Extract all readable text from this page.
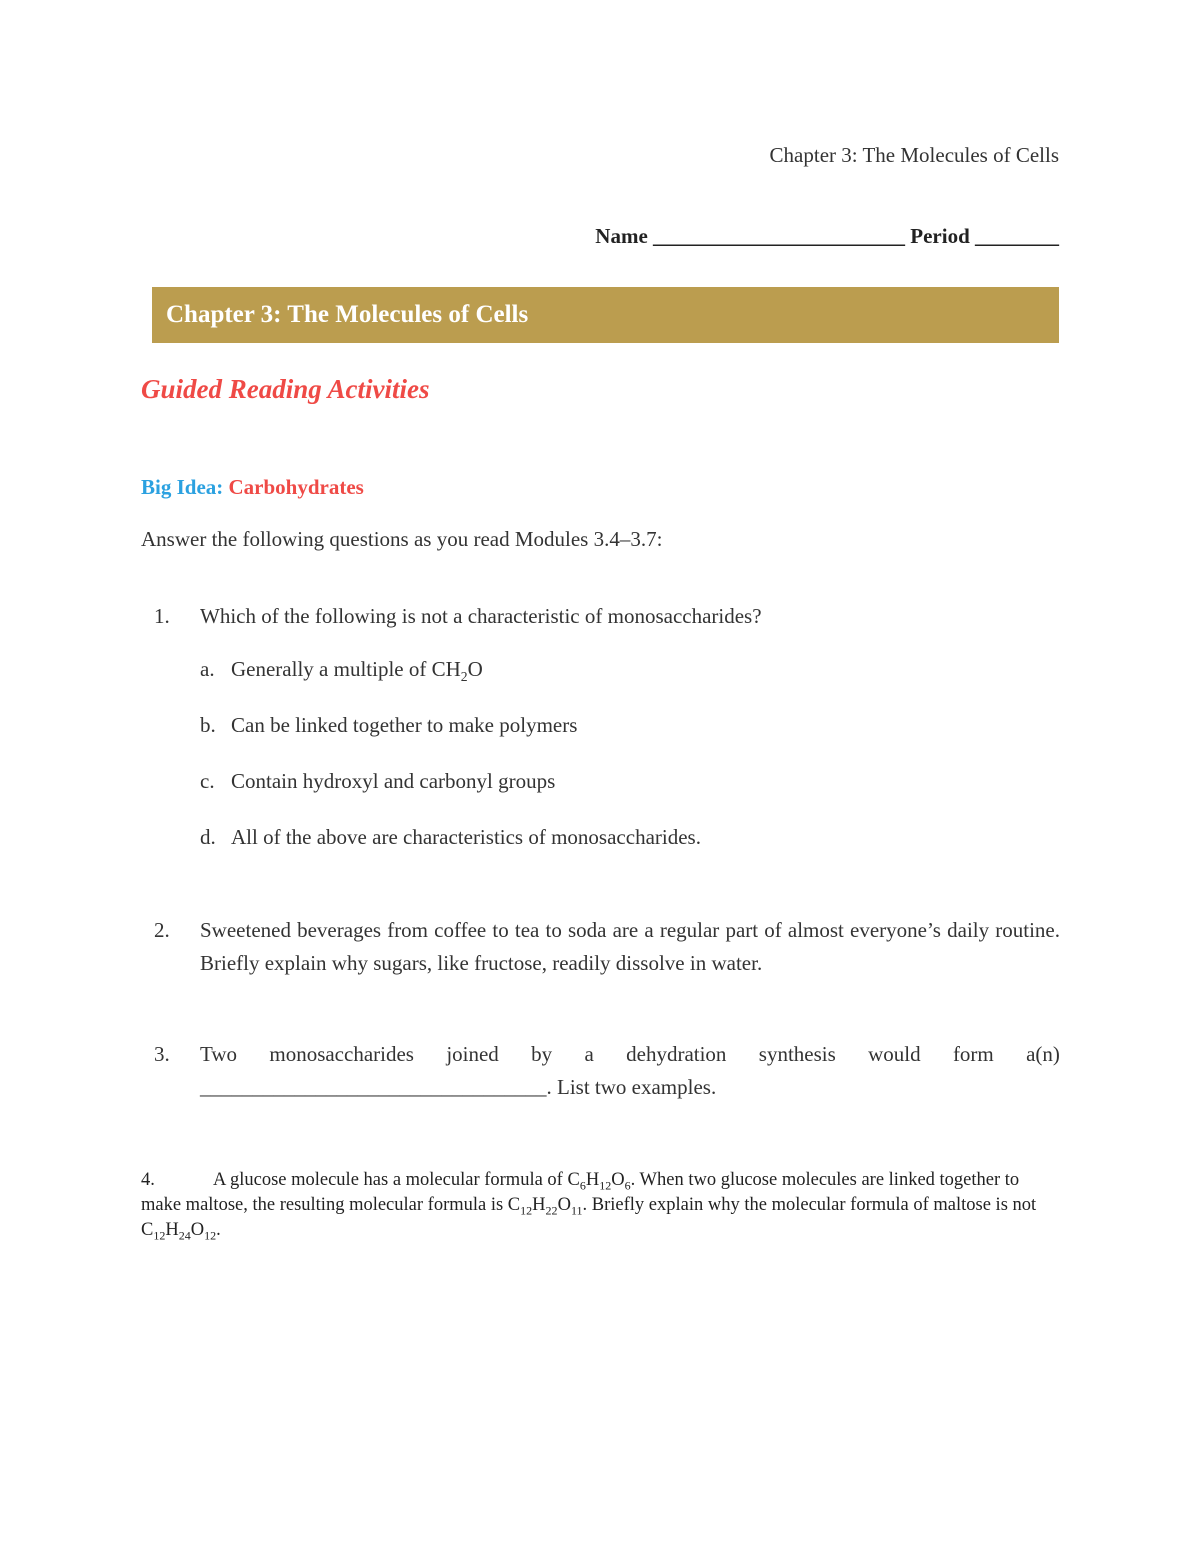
Chapter 3: The Molecules of Cells
Name ________________________ Period ________
Chapter 3: The Molecules of Cells
Guided Reading Activities
Big Idea: Carbohydrates
Answer the following questions as you read Modules 3.4–3.7:
1. Which of the following is not a characteristic of monosaccharides?
a. Generally a multiple of $CH_2O$
b. Can be linked together to make polymers
c. Contain hydroxyl and carbonyl groups
d. All of the above are characteristics of monosaccharides.
2. Sweetened beverages from coffee to tea to soda are a regular part of almost everyone’s daily routine. Briefly explain why sugars, like fructose, readily dissolve in water.
3. Two monosaccharides joined by a dehydration synthesis would form a(n)
_________________________________. List two examples.
4.	A glucose molecule has a molecular formula of $C_6H_{12}O_6$. When two glucose molecules are linked together to make maltose, the resulting molecular formula is $C_{12}H_{22}O_{11}$. Briefly explain why the molecular formula of maltose is not $C_{12}H_{24}O_{12}$.
